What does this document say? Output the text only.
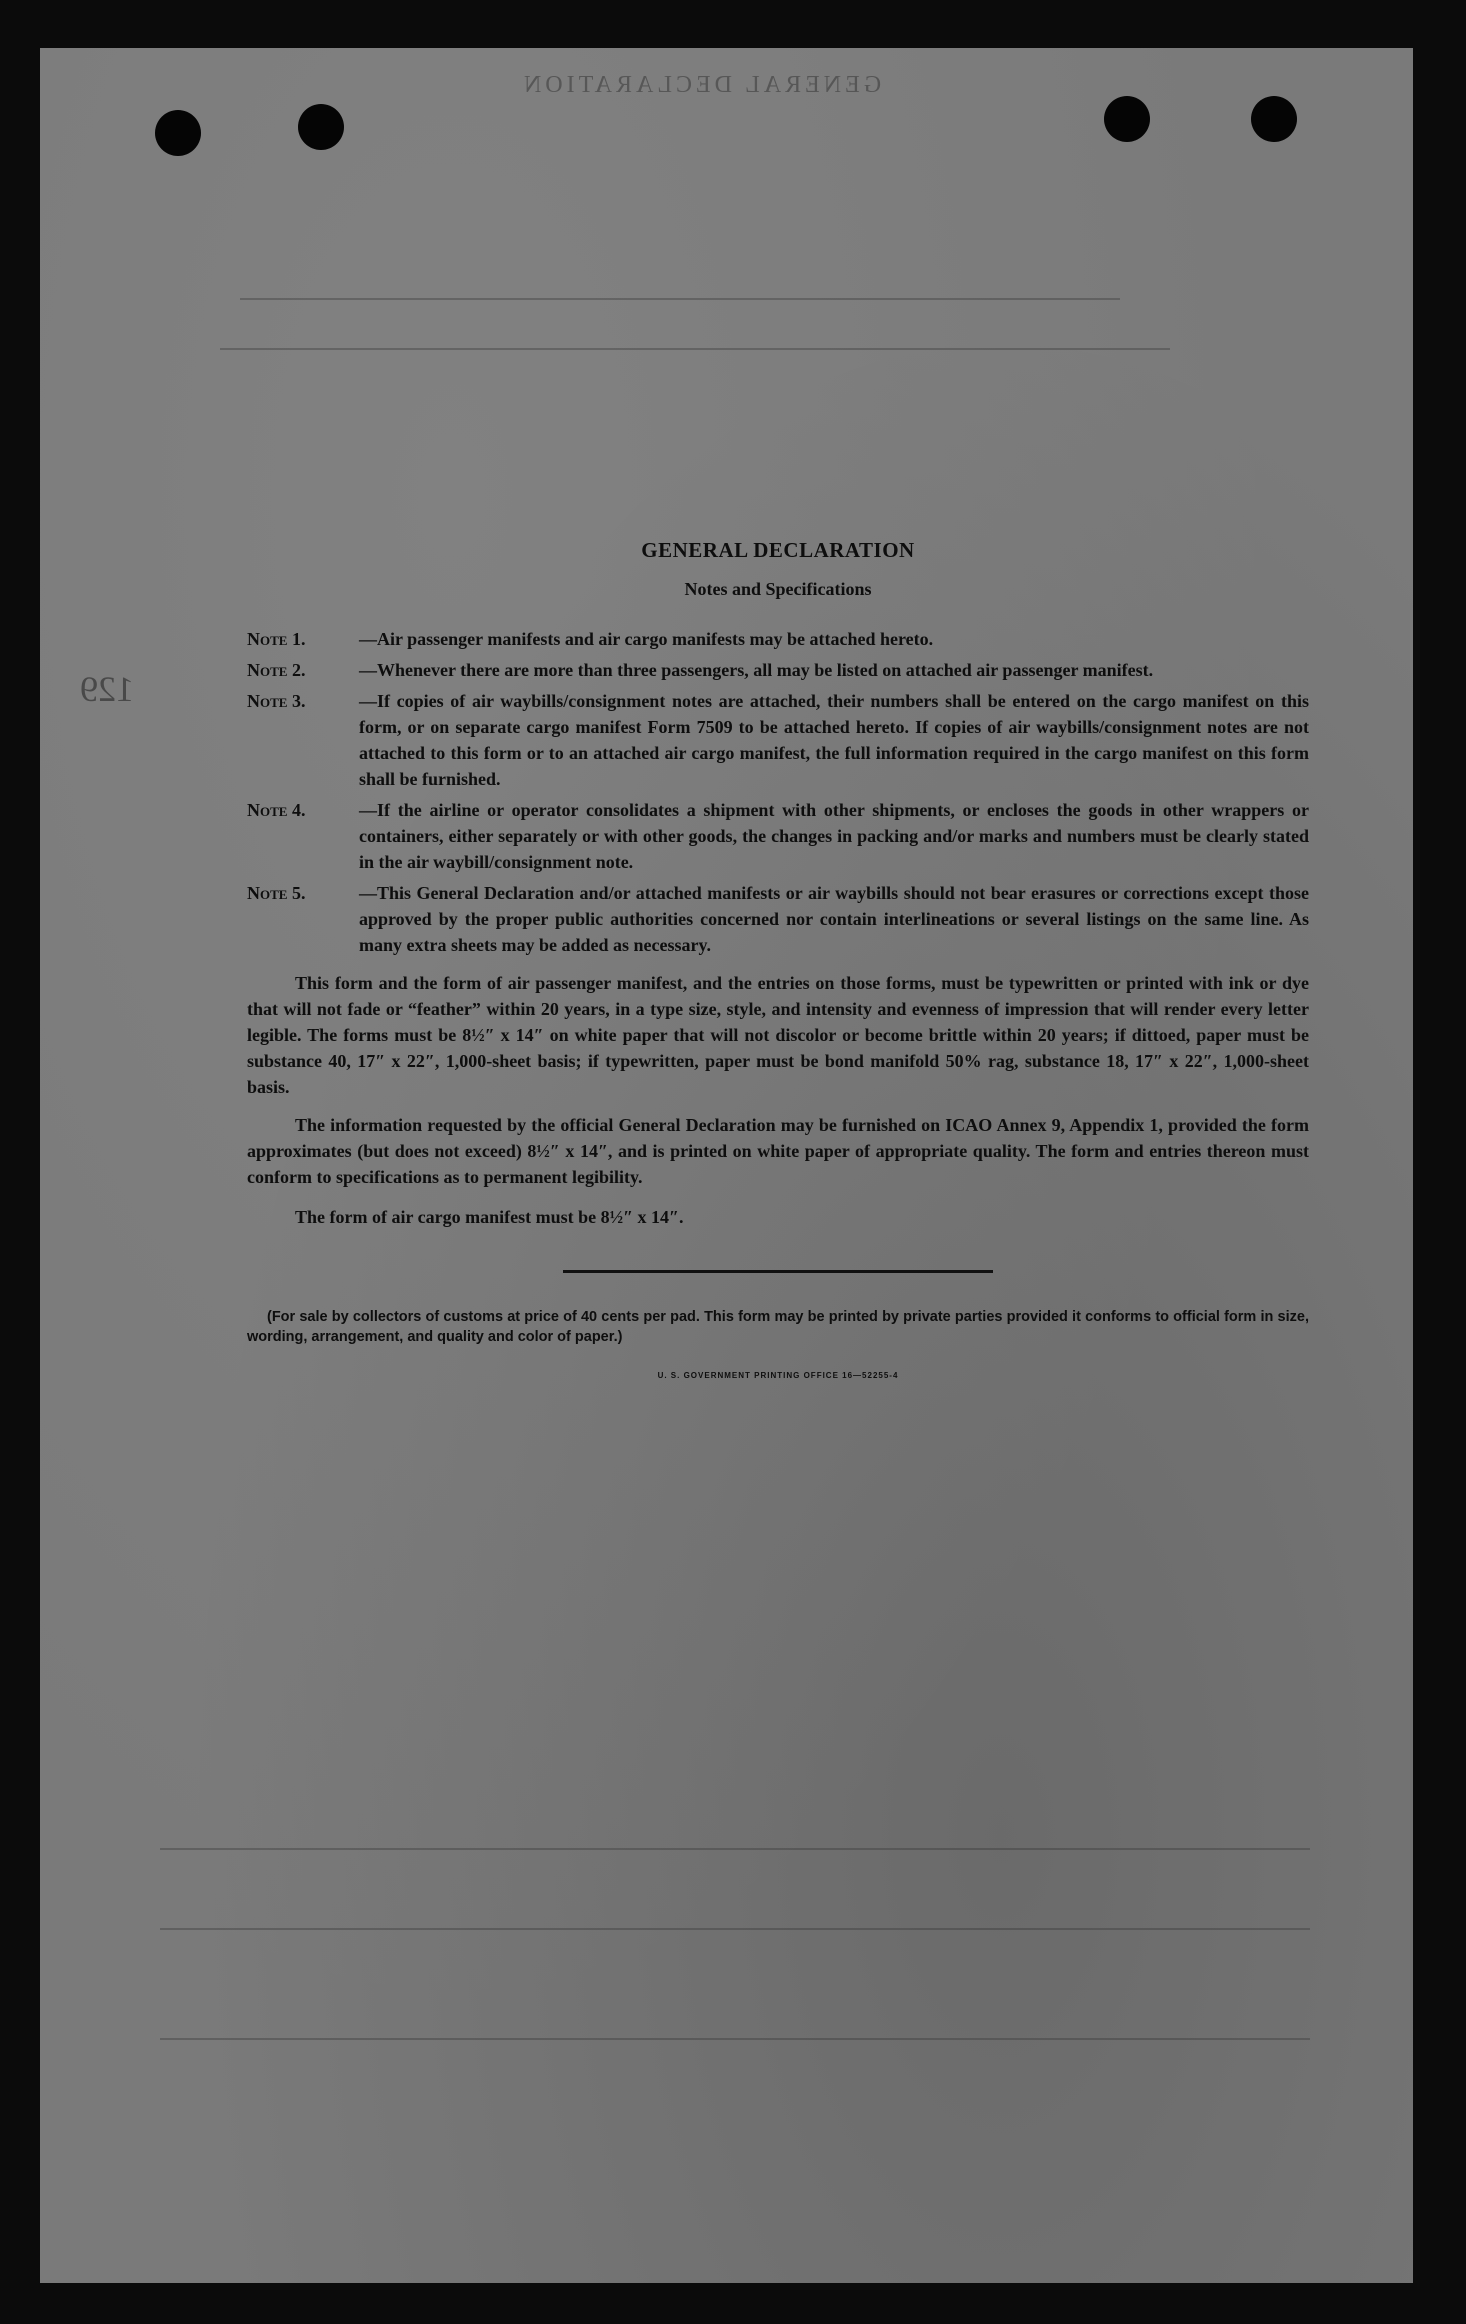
GENERAL DECLARATION
129
GENERAL DECLARATION
Notes and Specifications
Note 1.	—Air passenger manifests and air cargo manifests may be attached hereto.
Note 2.	—Whenever there are more than three passengers, all may be listed on attached air passenger manifest.
Note 3.	—If copies of air waybills/consignment notes are attached, their numbers shall be entered on the cargo manifest on this form, or on separate cargo manifest Form 7509 to be attached hereto. If copies of air waybills/consignment notes are not attached to this form or to an attached air cargo manifest, the full information required in the cargo manifest on this form shall be furnished.
Note 4.	—If the airline or operator consolidates a shipment with other shipments, or encloses the goods in other wrappers or containers, either separately or with other goods, the changes in packing and/or marks and numbers must be clearly stated in the air waybill/consignment note.
Note 5.	—This General Declaration and/or attached manifests or air waybills should not bear erasures or corrections except those approved by the proper public authorities concerned nor contain interlineations or several listings on the same line. As many extra sheets may be added as necessary.

This form and the form of air passenger manifest, and the entries on those forms, must be typewritten or printed with ink or dye that will not fade or “feather” within 20 years, in a type size, style, and intensity and evenness of impression that will render every letter legible. The forms must be 8½″ x 14″ on white paper that will not discolor or become brittle within 20 years; if dittoed, paper must be substance 40, 17″ x 22″, 1,000-sheet basis; if typewritten, paper must be bond manifold 50% rag, substance 18, 17″ x 22″, 1,000-sheet basis.

The information requested by the official General Declaration may be furnished on ICAO Annex 9, Appendix 1, provided the form approximates (but does not exceed) 8½″ x 14″, and is printed on white paper of appropriate quality. The form and entries thereon must conform to specifications as to permanent legibility.

The form of air cargo manifest must be 8½″ x 14″.

(For sale by collectors of customs at price of 40 cents per pad. This form may be printed by private parties provided it conforms to official form in size, wording, arrangement, and quality and color of paper.)
U. S. GOVERNMENT PRINTING OFFICE 16—52255-4
